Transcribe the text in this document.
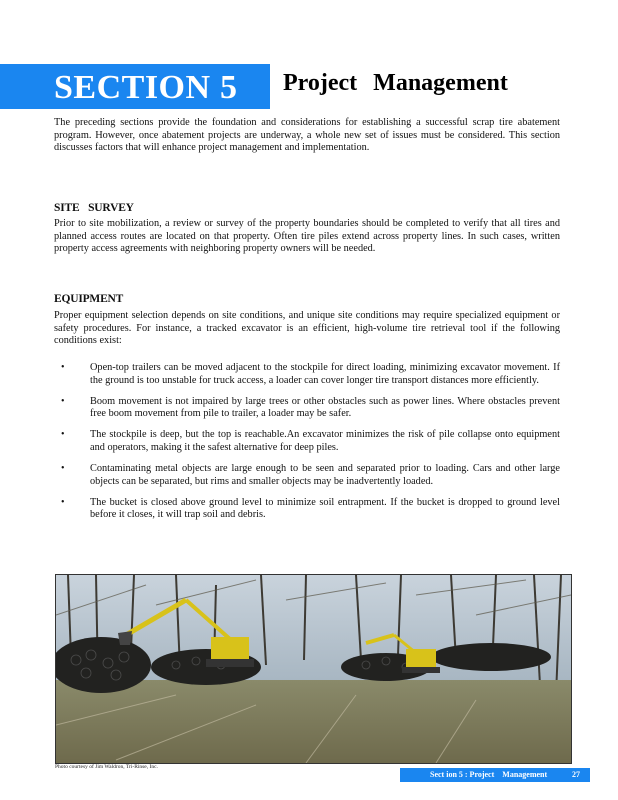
SECTION 5 Project Management

The preceding sections provide the foundation and considerations for establishing a successful scrap tire abatement program. However, once abatement projects are underway, a whole new set of issues must be considered. This section discusses factors that will enhance project management and implementation.

SITE SURVEY

Prior to site mobilization, a review or survey of the property boundaries should be completed to verify that all tires and planned access routes are located on that property. Often tire piles extend across property lines. In such cases, written property access agreements with neighboring property owners will be needed.

EQUIPMENT

Proper equipment selection depends on site conditions, and unique site conditions may require specialized equipment or safety procedures. For instance, a tracked excavator is an efficient, high-volume tire retrieval tool if the following conditions exist:

• Open-top trailers can be moved adjacent to the stockpile for direct loading, minimizing excavator movement. If the ground is too unstable for truck access, a loader can cover longer tire transport distances more efficiently.
• Boom movement is not impaired by large trees or other obstacles such as power lines. Where obstacles prevent free boom movement from pile to trailer, a loader may be safer.
• The stockpile is deep, but the top is reachable.An excavator minimizes the risk of pile collapse onto equipment and operators, making it the safest alternative for deep piles.
• Contaminating metal objects are large enough to be seen and separated prior to loading. Cars and other large objects can be separated, but rims and smaller objects may be inadvertently loaded.
• The bucket is closed above ground level to minimize soil entrapment. If the bucket is dropped to ground level before it closes, it will trap soil and debris.
Photo courtesy of Jim Waldron, Tri-Rinse, Inc.
Sect ion 5 : Project    Management	27
